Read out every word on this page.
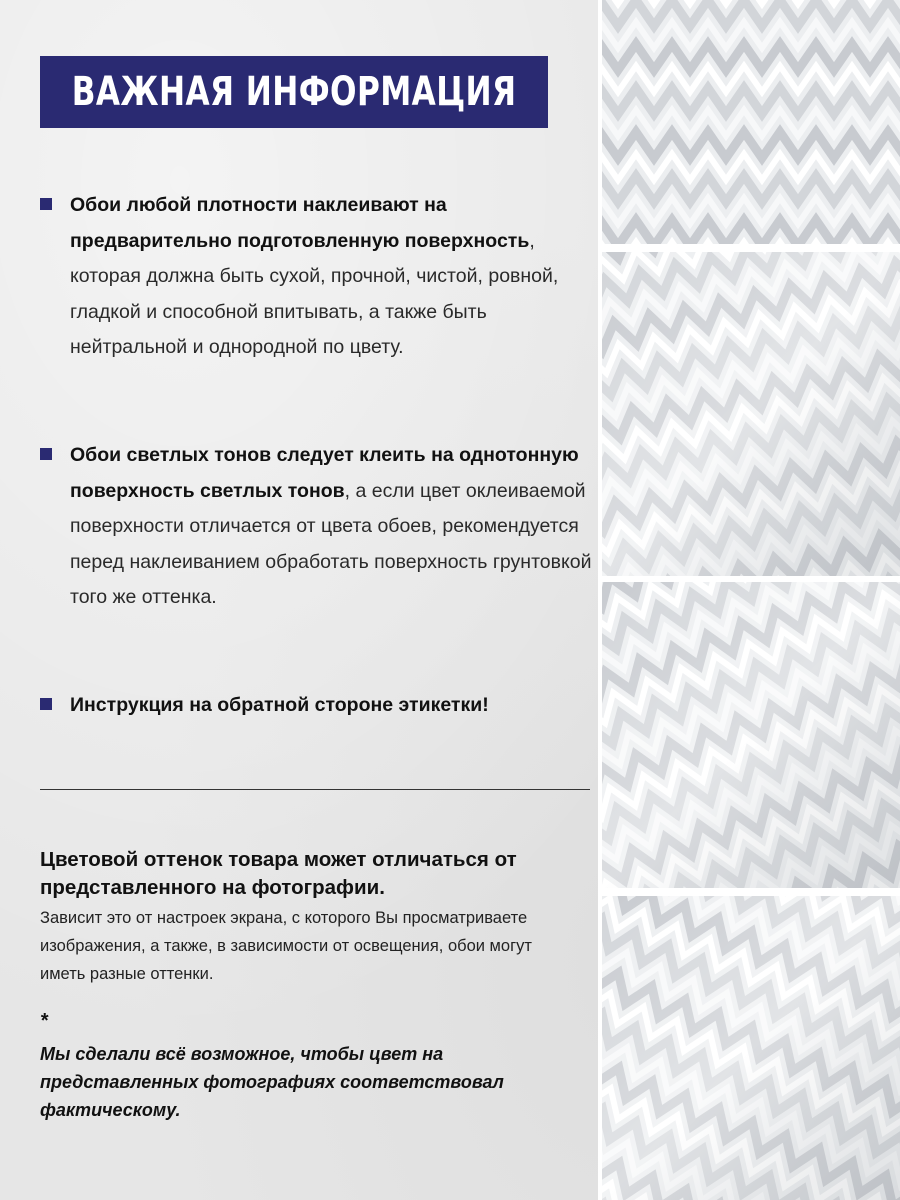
ВАЖНАЯ ИНФОРМАЦИЯ
Обои любой плотности наклеивают на предварительно подготовленную поверхность, которая должна быть сухой, прочной, чистой, ровной, гладкой и способной впитывать, а также быть нейтральной и однородной по цвету.
Обои светлых тонов следует клеить на однотонную поверхность светлых тонов, а если цвет оклеиваемой поверхности отличается от цвета обоев, рекомендуется перед наклеиванием обработать поверхность грунтовкой того же оттенка.
Инструкция на обратной стороне этикетки!
Цветовой оттенок товара может отличаться от представленного на фотографии.
Зависит это от настроек экрана, с которого Вы просматриваете изображения, а также, в зависимости от освещения, обои могут иметь разные оттенки.
*
Мы сделали всё возможное, чтобы цвет на представленных фотографиях соответствовал фактическому.
